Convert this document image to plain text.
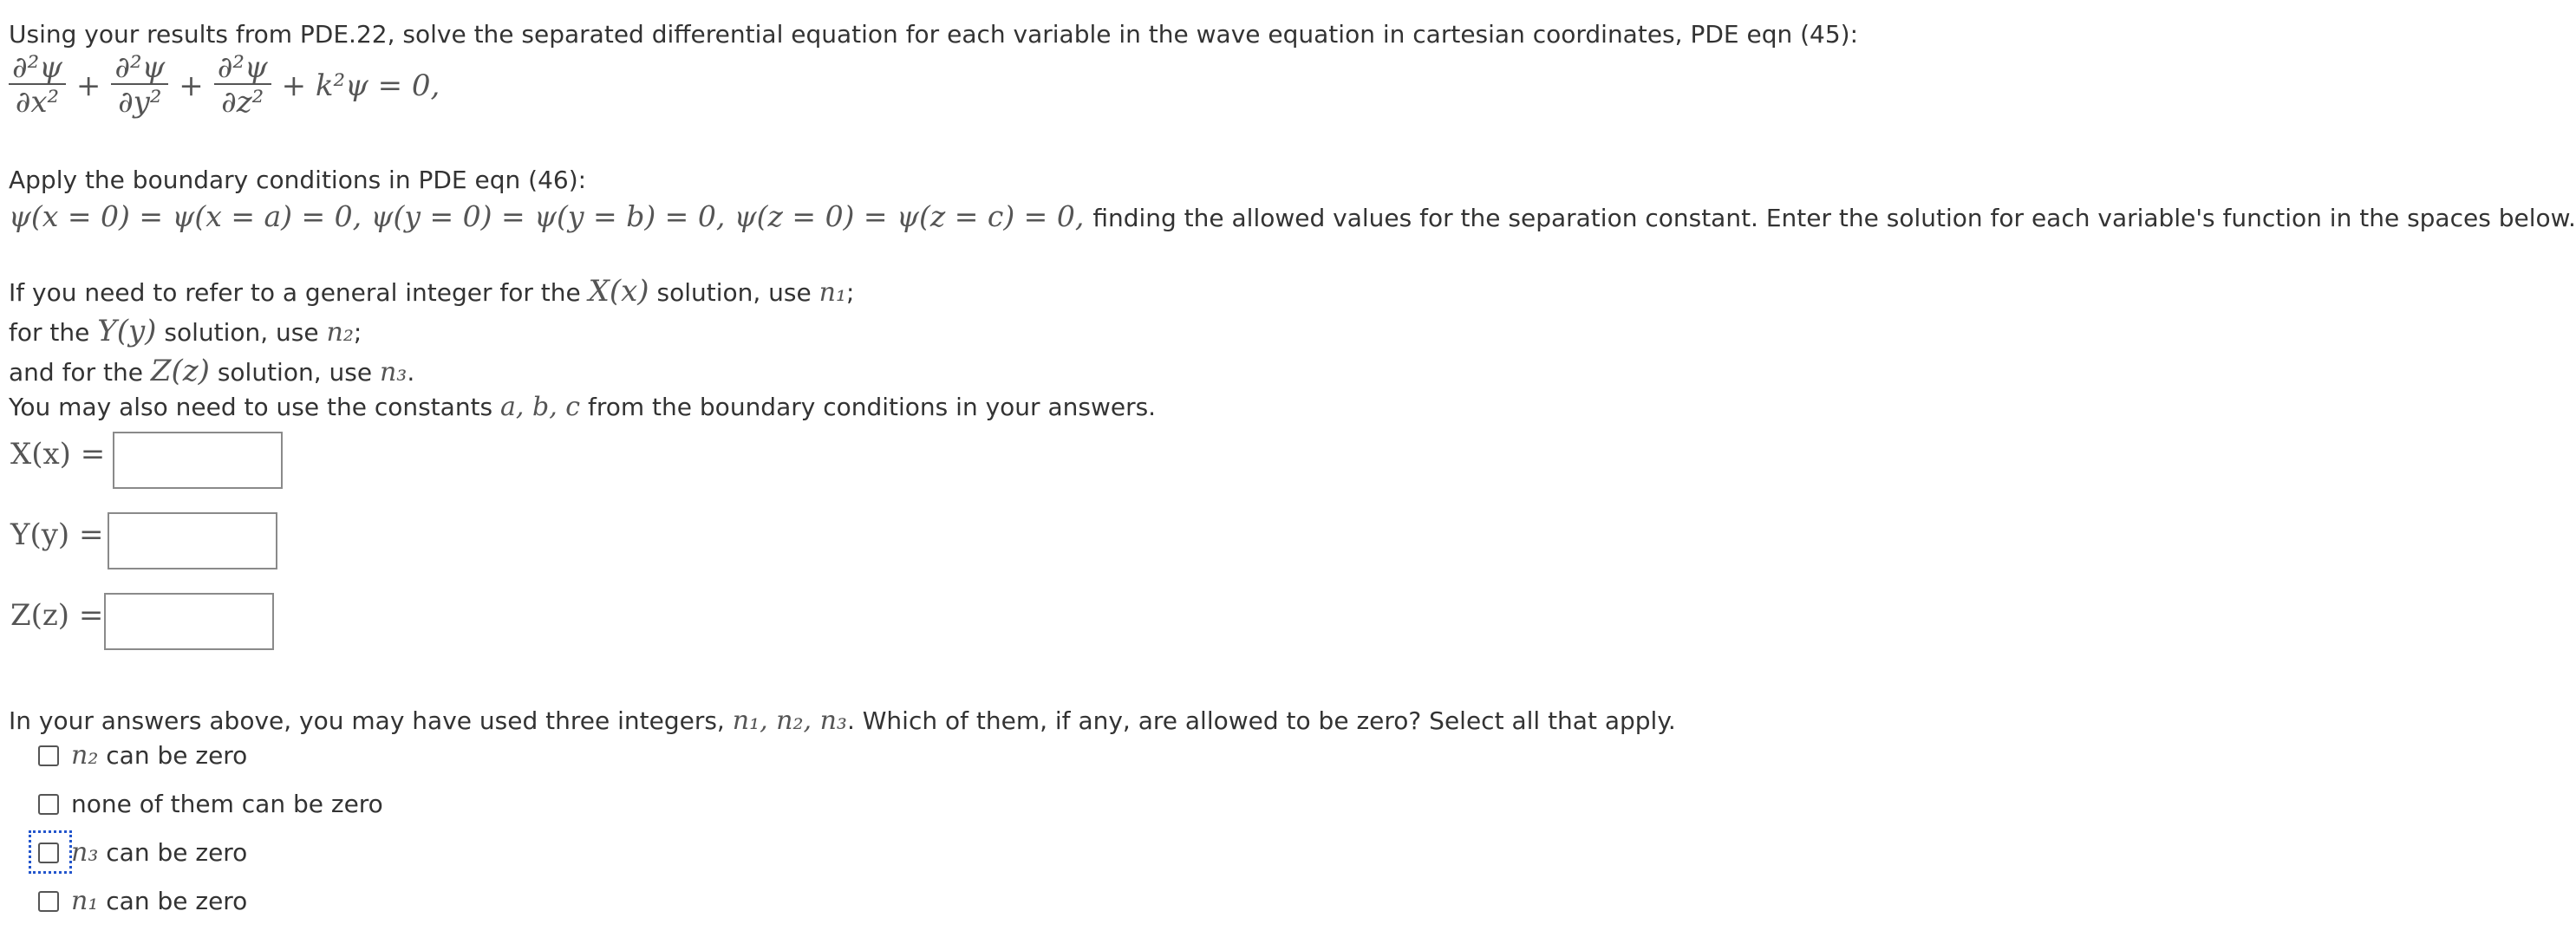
Using your results from PDE.22, solve the separated differential equation for each variable in the wave equation in cartesian coordinates, PDE eqn (45):
$\frac{\text{∂²ψ}}{\text{∂x²}} + \frac{\text{∂²ψ}}{\text{∂y²}} + \frac{\text{∂²ψ}}{\text{∂z²}} + k^2\psi = 0$,
Apply the boundary conditions in PDE eqn (46):
ψ(x = 0) = ψ(x = a) = 0, ψ(y = 0) = ψ(y = b) = 0, ψ(z = 0) = ψ(z = c) = 0, finding the allowed values for the separation constant. Enter the solution for each variable's function in the spaces below.
If you need to refer to a general integer for the X(x) solution, use n₁;
for the Y(y) solution, use n₂;
and for the Z(z) solution, use n₃.
You may also need to use the constants a, b, c from the boundary conditions in your answers.
X(x) =
Y(y) =
Z(z) =
In your answers above, you may have used three integers, n₁, n₂, n₃. Which of them, if any, are allowed to be zero? Select all that apply.
n₂ can be zero
none of them can be zero
n₃ can be zero
n₁ can be zero
